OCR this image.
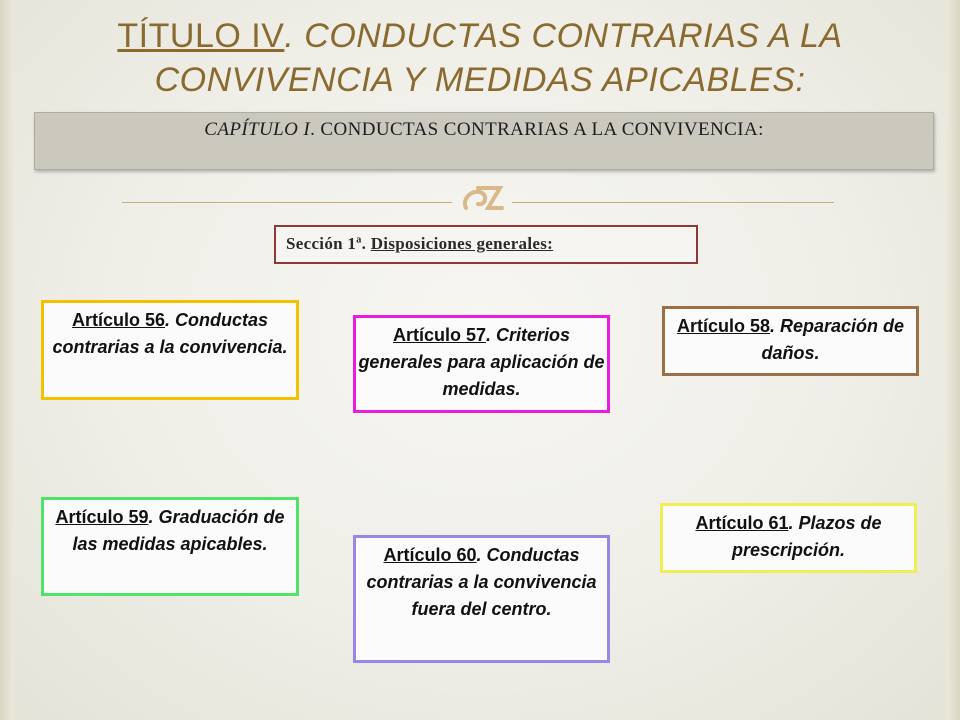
TÍTULO IV. CONDUCTAS CONTRARIAS A LA
CONVIVENCIA Y MEDIDAS APICABLES:
CAPÍTULO I. CONDUCTAS CONTRARIAS A LA CONVIVENCIA:
Sección 1ª. Disposiciones generales:
Artículo 56. Conductas contrarias a la convivencia.
Artículo 57. Criterios generales para aplicación de medidas.
Artículo 58. Reparación de daños.
Artículo 59. Graduación de las medidas apicables.
Artículo 60. Conductas contrarias a la convivencia fuera del centro.
Artículo 61. Plazos de prescripción.
